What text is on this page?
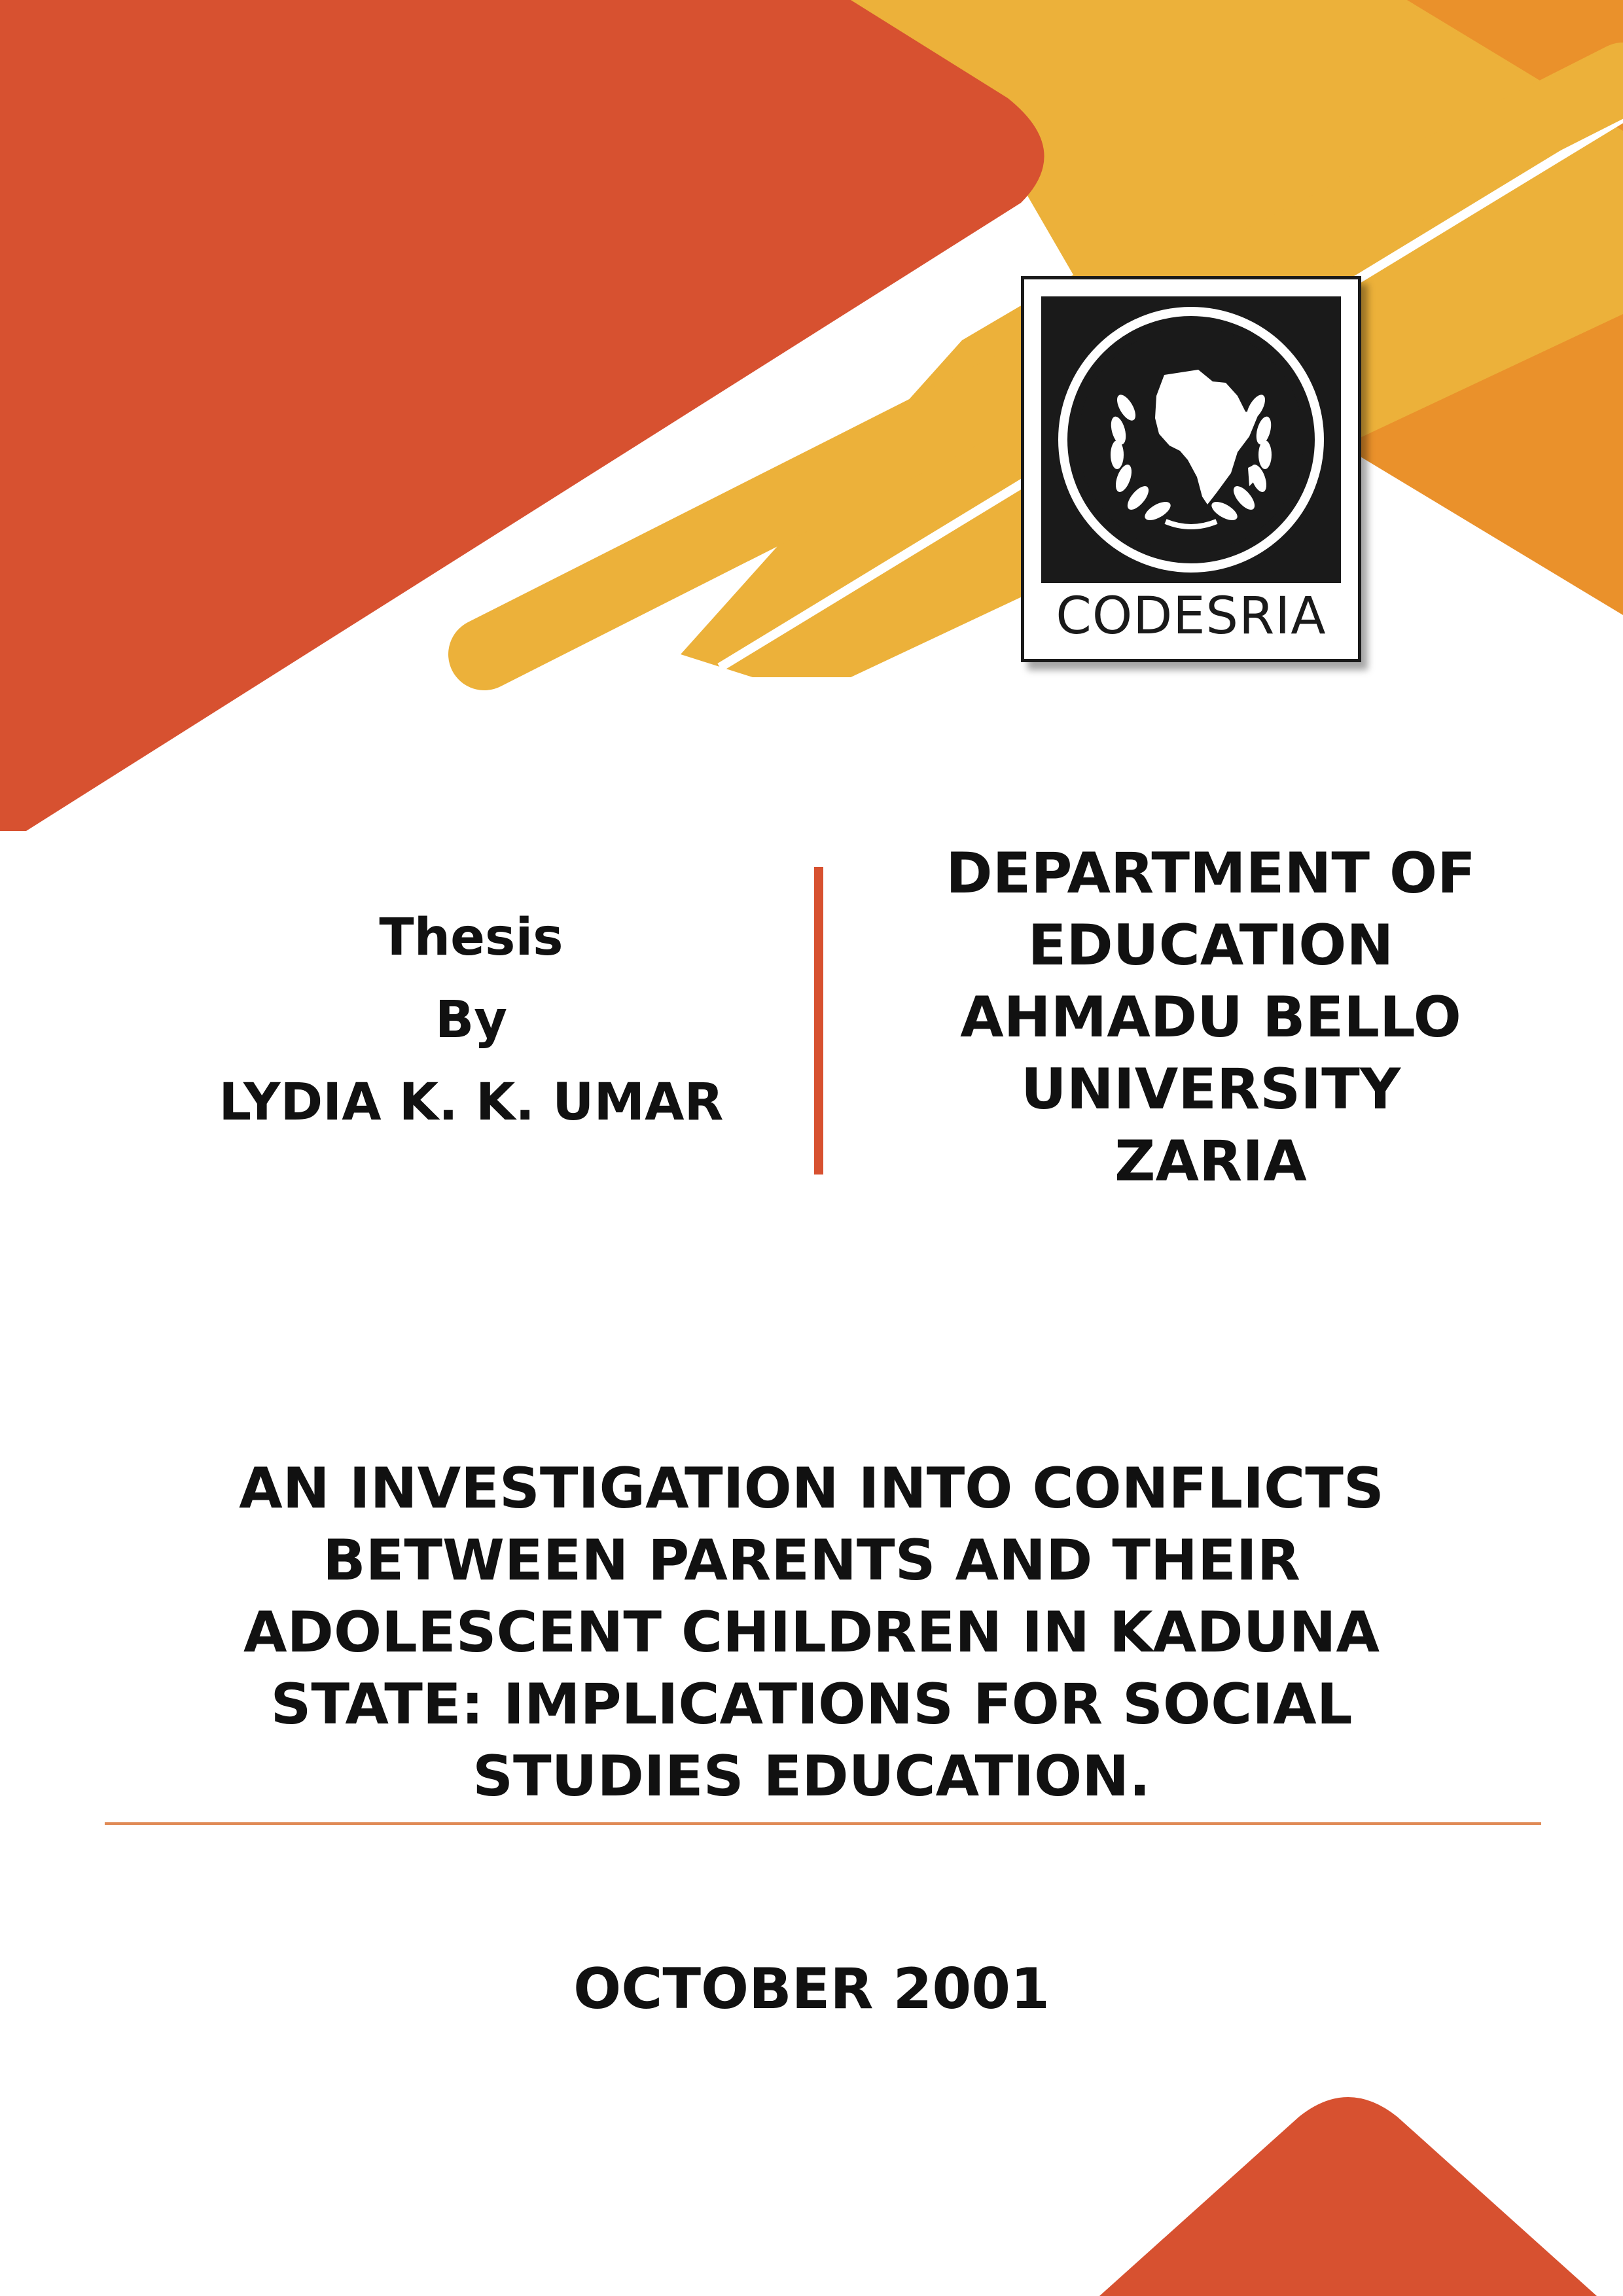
CODESRIA
Thesis
By
LYDIA K. K. UMAR
DEPARTMENT OF
EDUCATION
AHMADU BELLO
UNIVERSITY
ZARIA
AN INVESTIGATION INTO CONFLICTS
BETWEEN PARENTS AND THEIR
ADOLESCENT CHILDREN IN KADUNA
STATE: IMPLICATIONS FOR SOCIAL
STUDIES EDUCATION.
OCTOBER 2001
